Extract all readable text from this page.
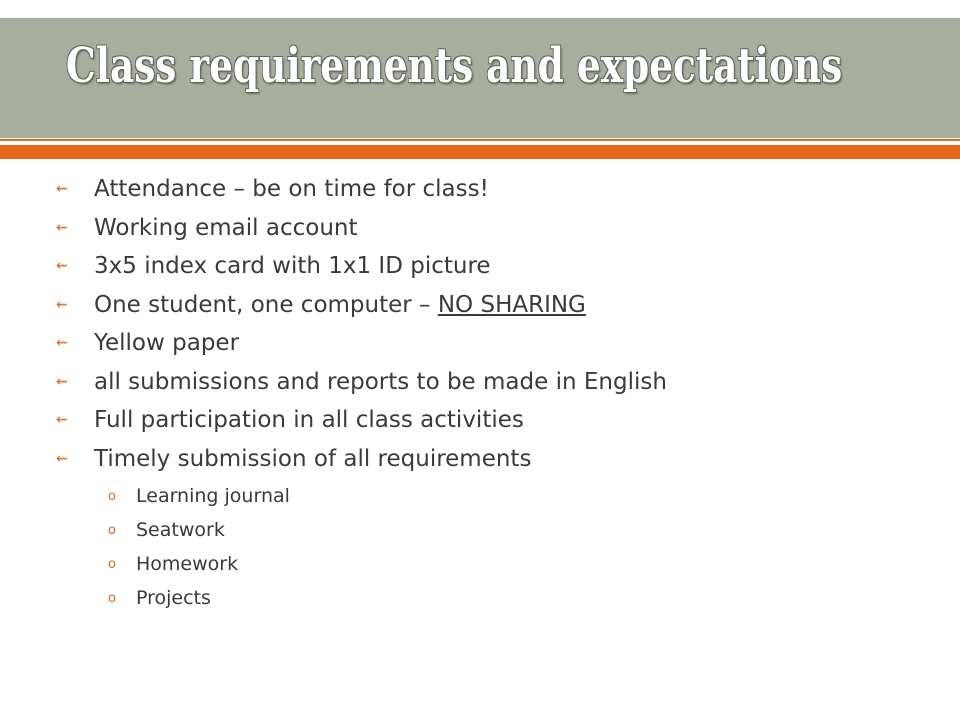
Class requirements and expectations
⇜	Attendance – be on time for class!
⇜	Working email account
⇜	3x5 index card with 1x1 ID picture
⇜	One student, one computer – NO SHARING
⇜	Yellow paper
⇜	all submissions and reports to be made in English
⇜	Full participation in all class activities
⇜	Timely submission of all requirements
o Learning journal
o Seatwork
o Homework
o Projects
